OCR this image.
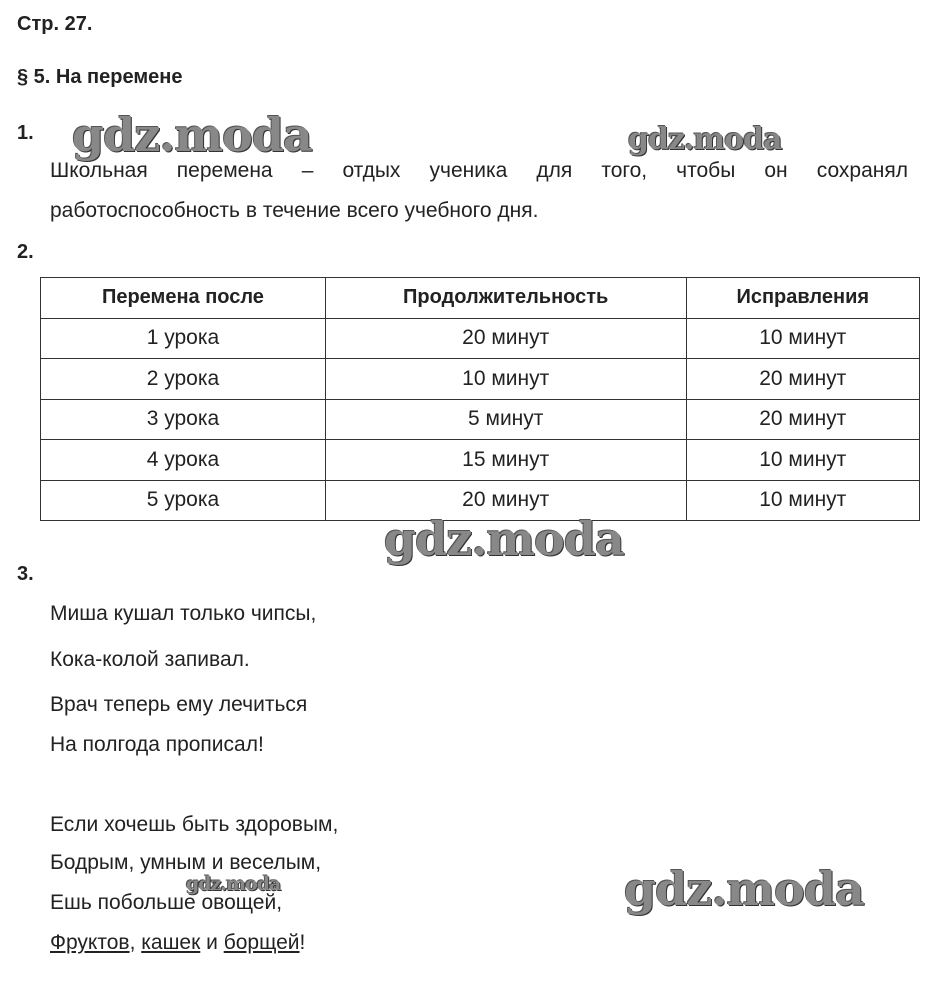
Стр. 27.
§ 5. На перемене
1.
Школьная перемена – отдых ученика для того, чтобы он сохранял
работоспособность в течение всего учебного дня.
2.
Перемена после	Продолжительность	Исправления
1 урока	20 минут	10 минут
2 урока	10 минут	20 минут
3 урока	5 минут	20 минут
4 урока	15 минут	10 минут
5 урока	20 минут	10 минут
3.
Миша кушал только чипсы,
Кока-колой запивал.
Врач теперь ему лечиться
На полгода прописал!
Если хочешь быть здоровым,
Бодрым, умным и веселым,
Ешь побольше овощей,
Фруктов, кашек и борщей!
gdz.moda	gdz.moda
gdz.moda
gdz.moda	gdz.moda
